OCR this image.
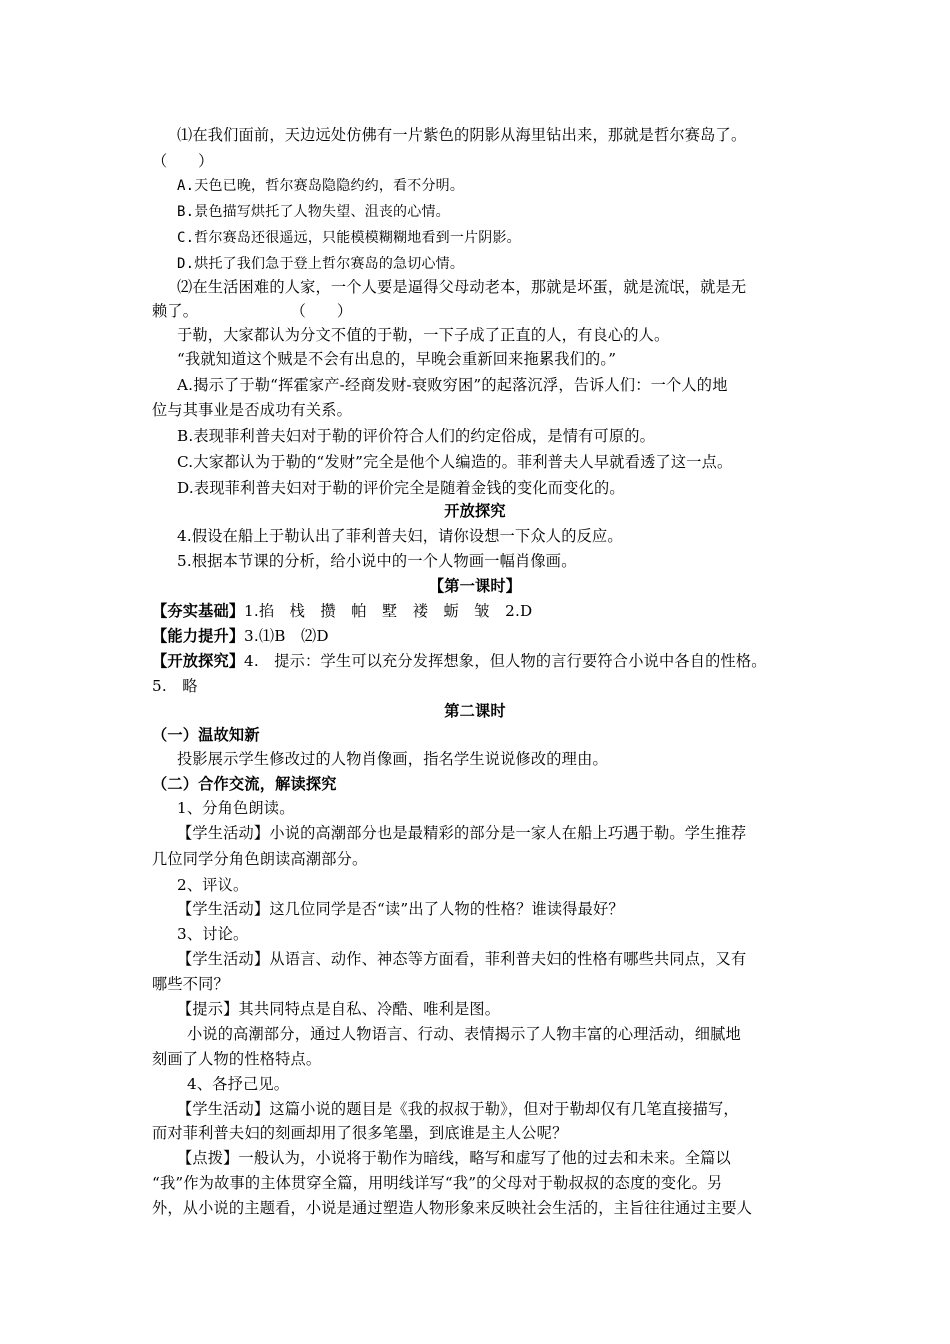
⑴在我们面前，天边远处仿佛有一片紫色的阴影从海里钻出来，那就是哲尔赛岛了。
（　　）
A.天色已晚，哲尔赛岛隐隐约约，看不分明。
B.景色描写烘托了人物失望、沮丧的心情。
C.哲尔赛岛还很遥远，只能模模糊糊地看到一片阴影。
D.烘托了我们急于登上哲尔赛岛的急切心情。
⑵在生活困难的人家，一个人要是逼得父母动老本，那就是坏蛋，就是流氓，就是无
赖了。　　　　　　　（　　）
于勒，大家都认为分文不值的于勒，一下子成了正直的人，有良心的人。
“我就知道这个贼是不会有出息的，早晚会重新回来拖累我们的。”
A.揭示了于勒“挥霍家产-经商发财-衰败穷困”的起落沉浮，告诉人们：一个人的地
位与其事业是否成功有关系。
B.表现菲利普夫妇对于勒的评价符合人们的约定俗成，是情有可原的。
C.大家都认为于勒的“发财”完全是他个人编造的。菲利普夫人早就看透了这一点。
D.表现菲利普夫妇对于勒的评价完全是随着金钱的变化而变化的。
开放探究
4.假设在船上于勒认出了菲利普夫妇，请你设想一下众人的反应。
5.根据本节课的分析，给小说中的一个人物画一幅肖像画。
【第一课时】
【夯实基础】 1.掐　栈　攒　帕　墅　褛　蛎　皱　2.D
【能力提升】 3.⑴B　⑵D
【开放探究】 4.　提示：学生可以充分发挥想象，但人物的言行要符合小说中各自的性格。
5.　略
第二课时
（一）温故知新
投影展示学生修改过的人物肖像画，指名学生说说修改的理由。
（二）合作交流，解读探究
1、分角色朗读。
【学生活动】小说的高潮部分也是最精彩的部分是一家人在船上巧遇于勒。学生推荐
几位同学分角色朗读高潮部分。
2、评议。
【学生活动】这几位同学是否“读”出了人物的性格？谁读得最好？
3、讨论。
【学生活动】从语言、动作、神态等方面看，菲利普夫妇的性格有哪些共同点，又有
哪些不同？
【提示】其共同特点是自私、冷酷、唯利是图。
小说的高潮部分，通过人物语言、行动、表情揭示了人物丰富的心理活动，细腻地
刻画了人物的性格特点。
4、各抒己见。
【学生活动】这篇小说的题目是《我的叔叔于勒》，但对于勒却仅有几笔直接描写，
而对菲利普夫妇的刻画却用了很多笔墨，到底谁是主人公呢？
【点拨】一般认为，小说将于勒作为暗线，略写和虚写了他的过去和未来。全篇以
“我”作为故事的主体贯穿全篇，用明线详写“我”的父母对于勒叔叔的态度的变化。另
外，从小说的主题看，小说是通过塑造人物形象来反映社会生活的，主旨往往通过主要人
